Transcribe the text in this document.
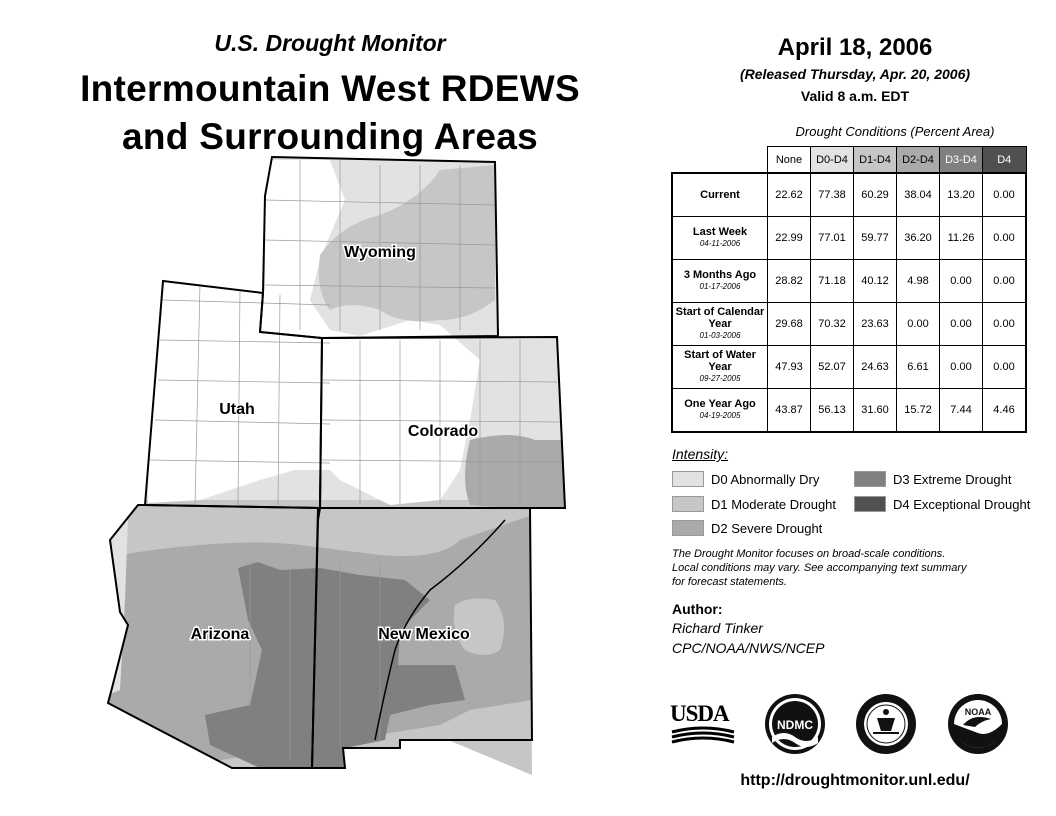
U.S. Drought Monitor
Intermountain West RDEWS
and Surrounding Areas
Wyoming
Utah
Colorado
Arizona	New Mexico
April 18, 2006
(Released Thursday, Apr. 20, 2006)
Valid 8 a.m. EDT
Drought Conditions (Percent Area)
	None	D0-D4	D1-D4	D2-D4	D3-D4	D4
Current	22.62	77.38	60.29	38.04	13.20	0.00
Last Week
04-11-2006	22.99	77.01	59.77	36.20	11.26	0.00
3 Months Ago
01-17-2006	28.82	71.18	40.12	4.98	0.00	0.00
Start of Calendar Year
01-03-2006	29.68	70.32	23.63	0.00	0.00	0.00
Start of Water Year
09-27-2005	47.93	52.07	24.63	6.61	0.00	0.00
One Year Ago
04-19-2005	43.87	56.13	31.60	15.72	7.44	4.46
Intensity:
D0 Abnormally Dry
D1 Moderate Drought
D2 Severe Drought
D3 Extreme Drought
D4 Exceptional Drought
The Drought Monitor focuses on broad-scale conditions.
Local conditions may vary. See accompanying text summary
for forecast statements.
Author:
Richard Tinker
CPC/NOAA/NWS/NCEP
USDA	NDMC
NOAA
http://droughtmonitor.unl.edu/
